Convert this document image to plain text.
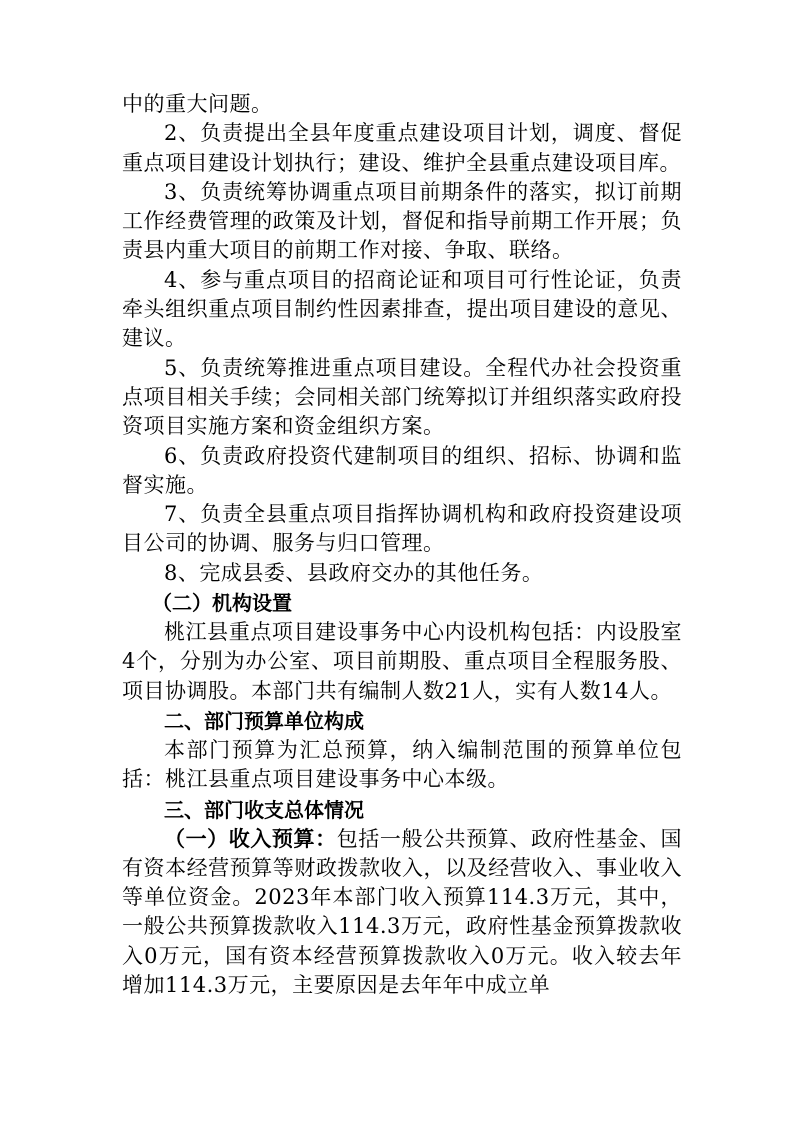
中的重大问题。

2、负责提出全县年度重点建设项目计划，调度、督促重点项目建设计划执行；建设、维护全县重点建设项目库。

3、负责统筹协调重点项目前期条件的落实，拟订前期工作经费管理的政策及计划，督促和指导前期工作开展；负责县内重大项目的前期工作对接、争取、联络。

4、参与重点项目的招商论证和项目可行性论证，负责牵头组织重点项目制约性因素排查，提出项目建设的意见、建议。

5、负责统筹推进重点项目建设。全程代办社会投资重点项目相关手续；会同相关部门统筹拟订并组织落实政府投资项目实施方案和资金组织方案。

6、负责政府投资代建制项目的组织、招标、协调和监督实施。

7、负责全县重点项目指挥协调机构和政府投资建设项目公司的协调、服务与归口管理。

8、完成县委、县政府交办的其他任务。

（二）机构设置

桃江县重点项目建设事务中心内设机构包括：内设股室4个，分别为办公室、项目前期股、重点项目全程服务股、项目协调股。本部门共有编制人数21人，实有人数14人。

二、部门预算单位构成

本部门预算为汇总预算，纳入编制范围的预算单位包括：桃江县重点项目建设事务中心本级。

三、部门收支总体情况

（一）收入预算：包括一般公共预算、政府性基金、国有资本经营预算等财政拨款收入，以及经营收入、事业收入等单位资金。2023年本部门收入预算114.3万元，其中，一般公共预算拨款收入114.3万元，政府性基金预算拨款收入0万元，国有资本经营预算拨款收入0万元。收入较去年增加114.3万元，主要原因是去年年中成立单
